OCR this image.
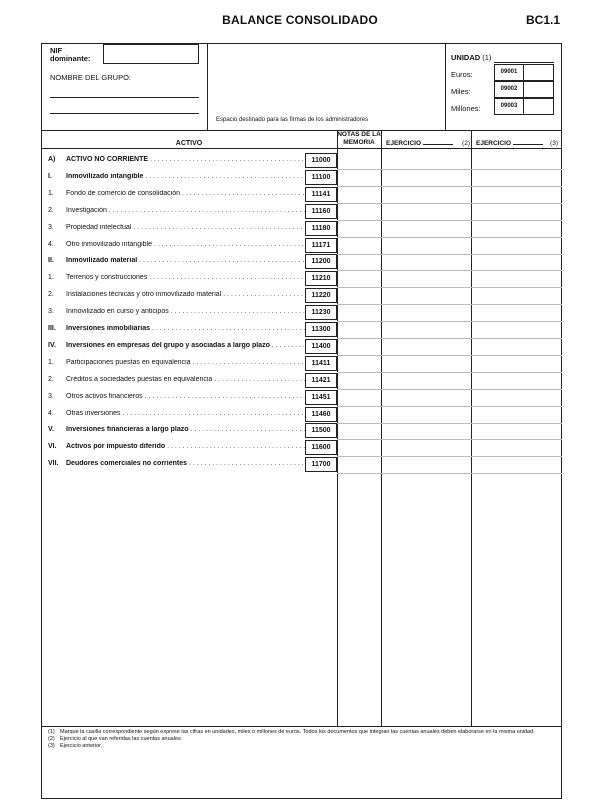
BALANCE CONSOLIDADO	BC1.1
NIF dominante:
NOMBRE DEL GRUPO:
Espacio destinado para las firmas de los administradores
UNIDAD (1)
Euros:	09001
Miles:	09002
Millones:	09003
ACTIVO
NOTAS DE LA MEMORIA	EJERCICIO	(2) EJERCICIO	(3)
A) ACTIVO NO CORRIENTE . . .	11000
I. Inmovilizado intangible . . .	11100
1. Fondo de comercio de consolidación . . .	11141
2. Investigación . . .	11160
3. Propiedad intelectual . . .	11180
4. Otro inmovilizado intangible . . .	11171
II. Inmovilizado material . . .	11200
1. Terrenos y construcciones . . .	11210
2. Instalaciones técnicas y otro inmovilizado material . . .	11220
3. Inmovilizado en curso y anticipos . . .	11230
III. Inversiones inmobiliarias . . .	11300
IV. Inversiones en empresas del grupo y asociadas a largo plazo . . .	11400
1. Participaciones puestas en equivalencia . . .	11411
2. Créditos a sociedades puestas en equivalencia . . .	11421
3. Otros activos financieros . . .	11451
4. Otras inversiones . . .	11460
V. Inversiones financieras a largo plazo . . .	11500
VI. Activos por impuesto diferido . . .	11600
VII. Deudores comerciales no corrientes . . .	11700
(1) Marque la casilla correspondiente según exprese las cifras en unidades, miles o millones de euros. Todos los documentos que integran las cuentas anuales deben elaborarse en la misma unidad.
(2) Ejercicio al que van referidas las cuentas anuales.
(3) Ejercicio anterior.
